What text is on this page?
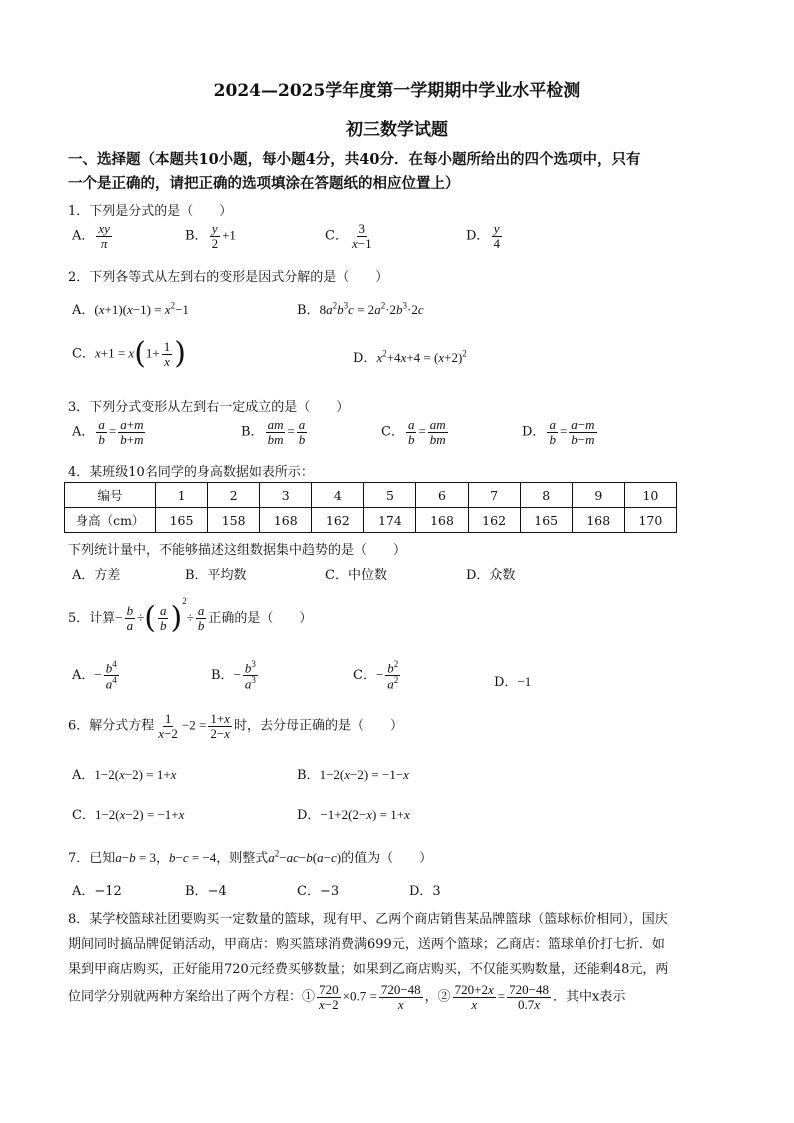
2024—2025学年度第一学期期中学业水平检测
初三数学试题
一、选择题（本题共10小题，每小题4分，共40分．在每小题所给出的四个选项中，只有
一个是正确的，请把正确的选项填涂在答题纸的相应位置上）
1．下列是分式的是（　　）
A． $\frac{xy}{\pi}$	B． $\frac{y}{2} +1$	C． $\frac{3}{x-1}$	D． $\frac{y}{4}$
2．下列各等式从左到右的变形是因式分解的是（　　）
A．$(x+1)(x-1) = x^2-1$	B．$8a^2b^3c = 2a^2\cdot 2b^3\cdot 2c$
C．$x+1 = x(1+ \frac{1}{x}$ )	D．$x^2+4x+4 = (x+2)^2$
3．下列分式变形从左到右一定成立的是（　　）
A． $\frac{a}{b} = \frac{a+m}{b+m}$	B． $\frac{am}{bm} = \frac{a}{b}$	C． $\frac{a}{b} = \frac{am}{bm}$	D． $\frac{a}{b} = \frac{a-m}{b-m}$
4．某班级10名同学的身高数据如表所示：
编号	1	2	3	4	5	6	7	8	9	10
身高（cm）	165	158	168	162	174	168	162	165	168	170
下列统计量中，不能够描述这组数据集中趋势的是（　　）
A．方差	B．平均数	C．中位数	D．众数
5．计算− $\frac{b}{a}$ ÷( $\frac{a}{b} )^2\div \frac{a}{b}$ 正确的是（　　）
A．− $\frac{b^4}{a^4}$	B．− $\frac{b^3}{a^3}$	C．− $\frac{b^2}{a^2}$	D．−1
6．解分式方程 $\frac{1}{x-2} -2 = \frac{1+x}{2-x}$ 时，去分母正确的是（　　）
A．1−2(x−2) = 1+x	B．1−2(x−2) = −1−x
C．1−2(x−2) = −1+x	D．−1+2(2−x) = 1+x
7．已知a−b = 3，b−c = −4，则整式$a^2-ac-b(a-c)$的值为（　　）
A．−12	B．−4	C．−3	D．3
8．某学校篮球社团要购买一定数量的篮球，现有甲、乙两个商店销售某品牌篮球（篮球标价相同），国庆
期间同时搞品牌促销活动，甲商店：购买篮球消费满699元，送两个篮球；乙商店：篮球单价打七折．如
果到甲商店购买，正好能用720元经费买够数量；如果到乙商店购买，不仅能买购数量，还能剩48元，两
位同学分别就两种方案给出了两个方程：① $\frac{720}{x-2} \times 0.7 = \frac{720-48}{x}$ ，② $\frac{720+2x}{x} = \frac{720-48}{0.7x}$ ．其中x表示
